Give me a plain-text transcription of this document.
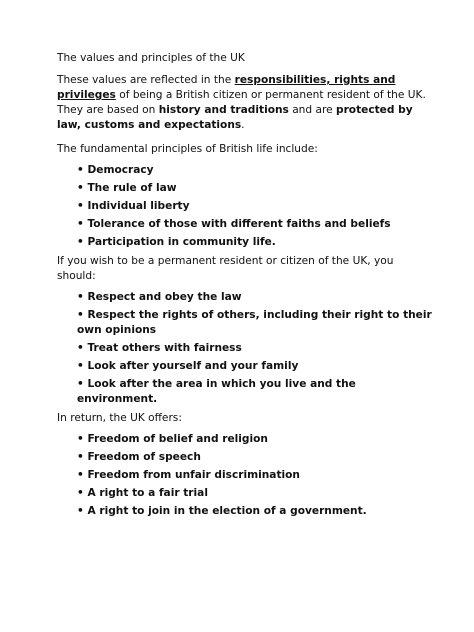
The values and principles of the UK

These values are reflected in the responsibilities, rights and privileges of being a British citizen or permanent resident of the UK. They are based on history and traditions and are protected by law, customs and expectations.

The fundamental principles of British life include:

• Democracy
• The rule of law
• Individual liberty
• Tolerance of those with different faiths and beliefs
• Participation in community life.

If you wish to be a permanent resident or citizen of the UK, you should:

• Respect and obey the law
• Respect the rights of others, including their right to their own opinions
• Treat others with fairness
• Look after yourself and your family
• Look after the area in which you live and the environment.

In return, the UK offers:

• Freedom of belief and religion
• Freedom of speech
• Freedom from unfair discrimination
• A right to a fair trial
• A right to join in the election of a government.
